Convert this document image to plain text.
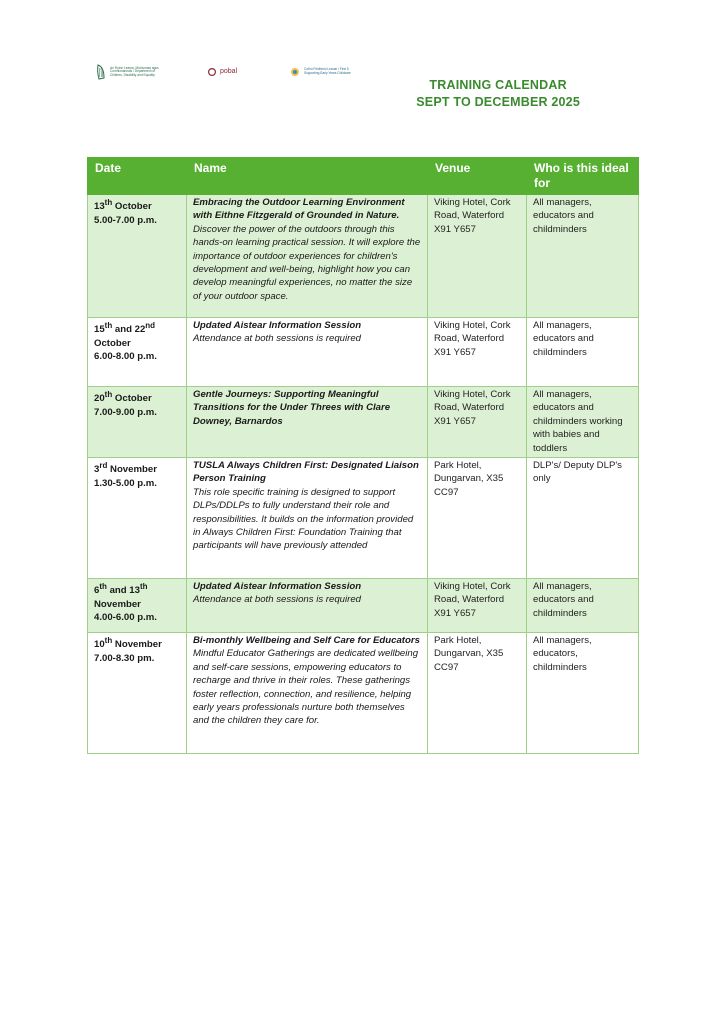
An Roinn Leanaí, Míchumais agus Comhionannais / Department of Children, Disability and Equality	pobal	Cothú Féidhmiú Leanaí / First 5 Supporting Early Years Childcare
TRAINING CALENDAR
SEPT TO DECEMBER 2025
Date	Name	Venue	Who is this ideal for
13th October
5.00-7.00 p.m.	Embracing the Outdoor Learning Environment with Eithne Fitzgerald of Grounded in Nature.
Discover the power of the outdoors through this hands-on learning practical session. It will explore the importance of outdoor experiences for children's development and well-being, highlight how you can develop meaningful experiences, no matter the size of your outdoor space.	Viking Hotel, Cork Road, Waterford X91 Y657	All managers, educators and childminders
15th and 22nd
October
6.00-8.00 p.m.	Updated Aistear Information Session
Attendance at both sessions is required	Viking Hotel, Cork Road, Waterford X91 Y657	All managers, educators and childminders
20th October
7.00-9.00 p.m.	Gentle Journeys: Supporting Meaningful Transitions for the Under Threes with Clare Downey, Barnardos	Viking Hotel, Cork Road, Waterford X91 Y657	All managers, educators and childminders working with babies and toddlers
3rd November
1.30-5.00 p.m.	TUSLA Always Children First: Designated Liaison Person Training
This role specific training is designed to support DLPs/DDLPs to fully understand their role and responsibilities. It builds on the information provided in Always Children First: Foundation Training that participants will have previously attended	Park Hotel, Dungarvan, X35 CC97	DLP's/ Deputy DLP's only
6th and 13th
November
4.00-6.00 p.m.	Updated Aistear Information Session
Attendance at both sessions is required	Viking Hotel, Cork Road, Waterford X91 Y657	All managers, educators and childminders
10th November
7.00-8.30 pm.	Bi-monthly Wellbeing and Self Care for Educators
Mindful Educator Gatherings are dedicated wellbeing and self-care sessions, empowering educators to recharge and thrive in their roles. These gatherings foster reflection, connection, and resilience, helping early years professionals nurture both themselves and the children they care for.	Park Hotel, Dungarvan, X35 CC97	All managers, educators, childminders
